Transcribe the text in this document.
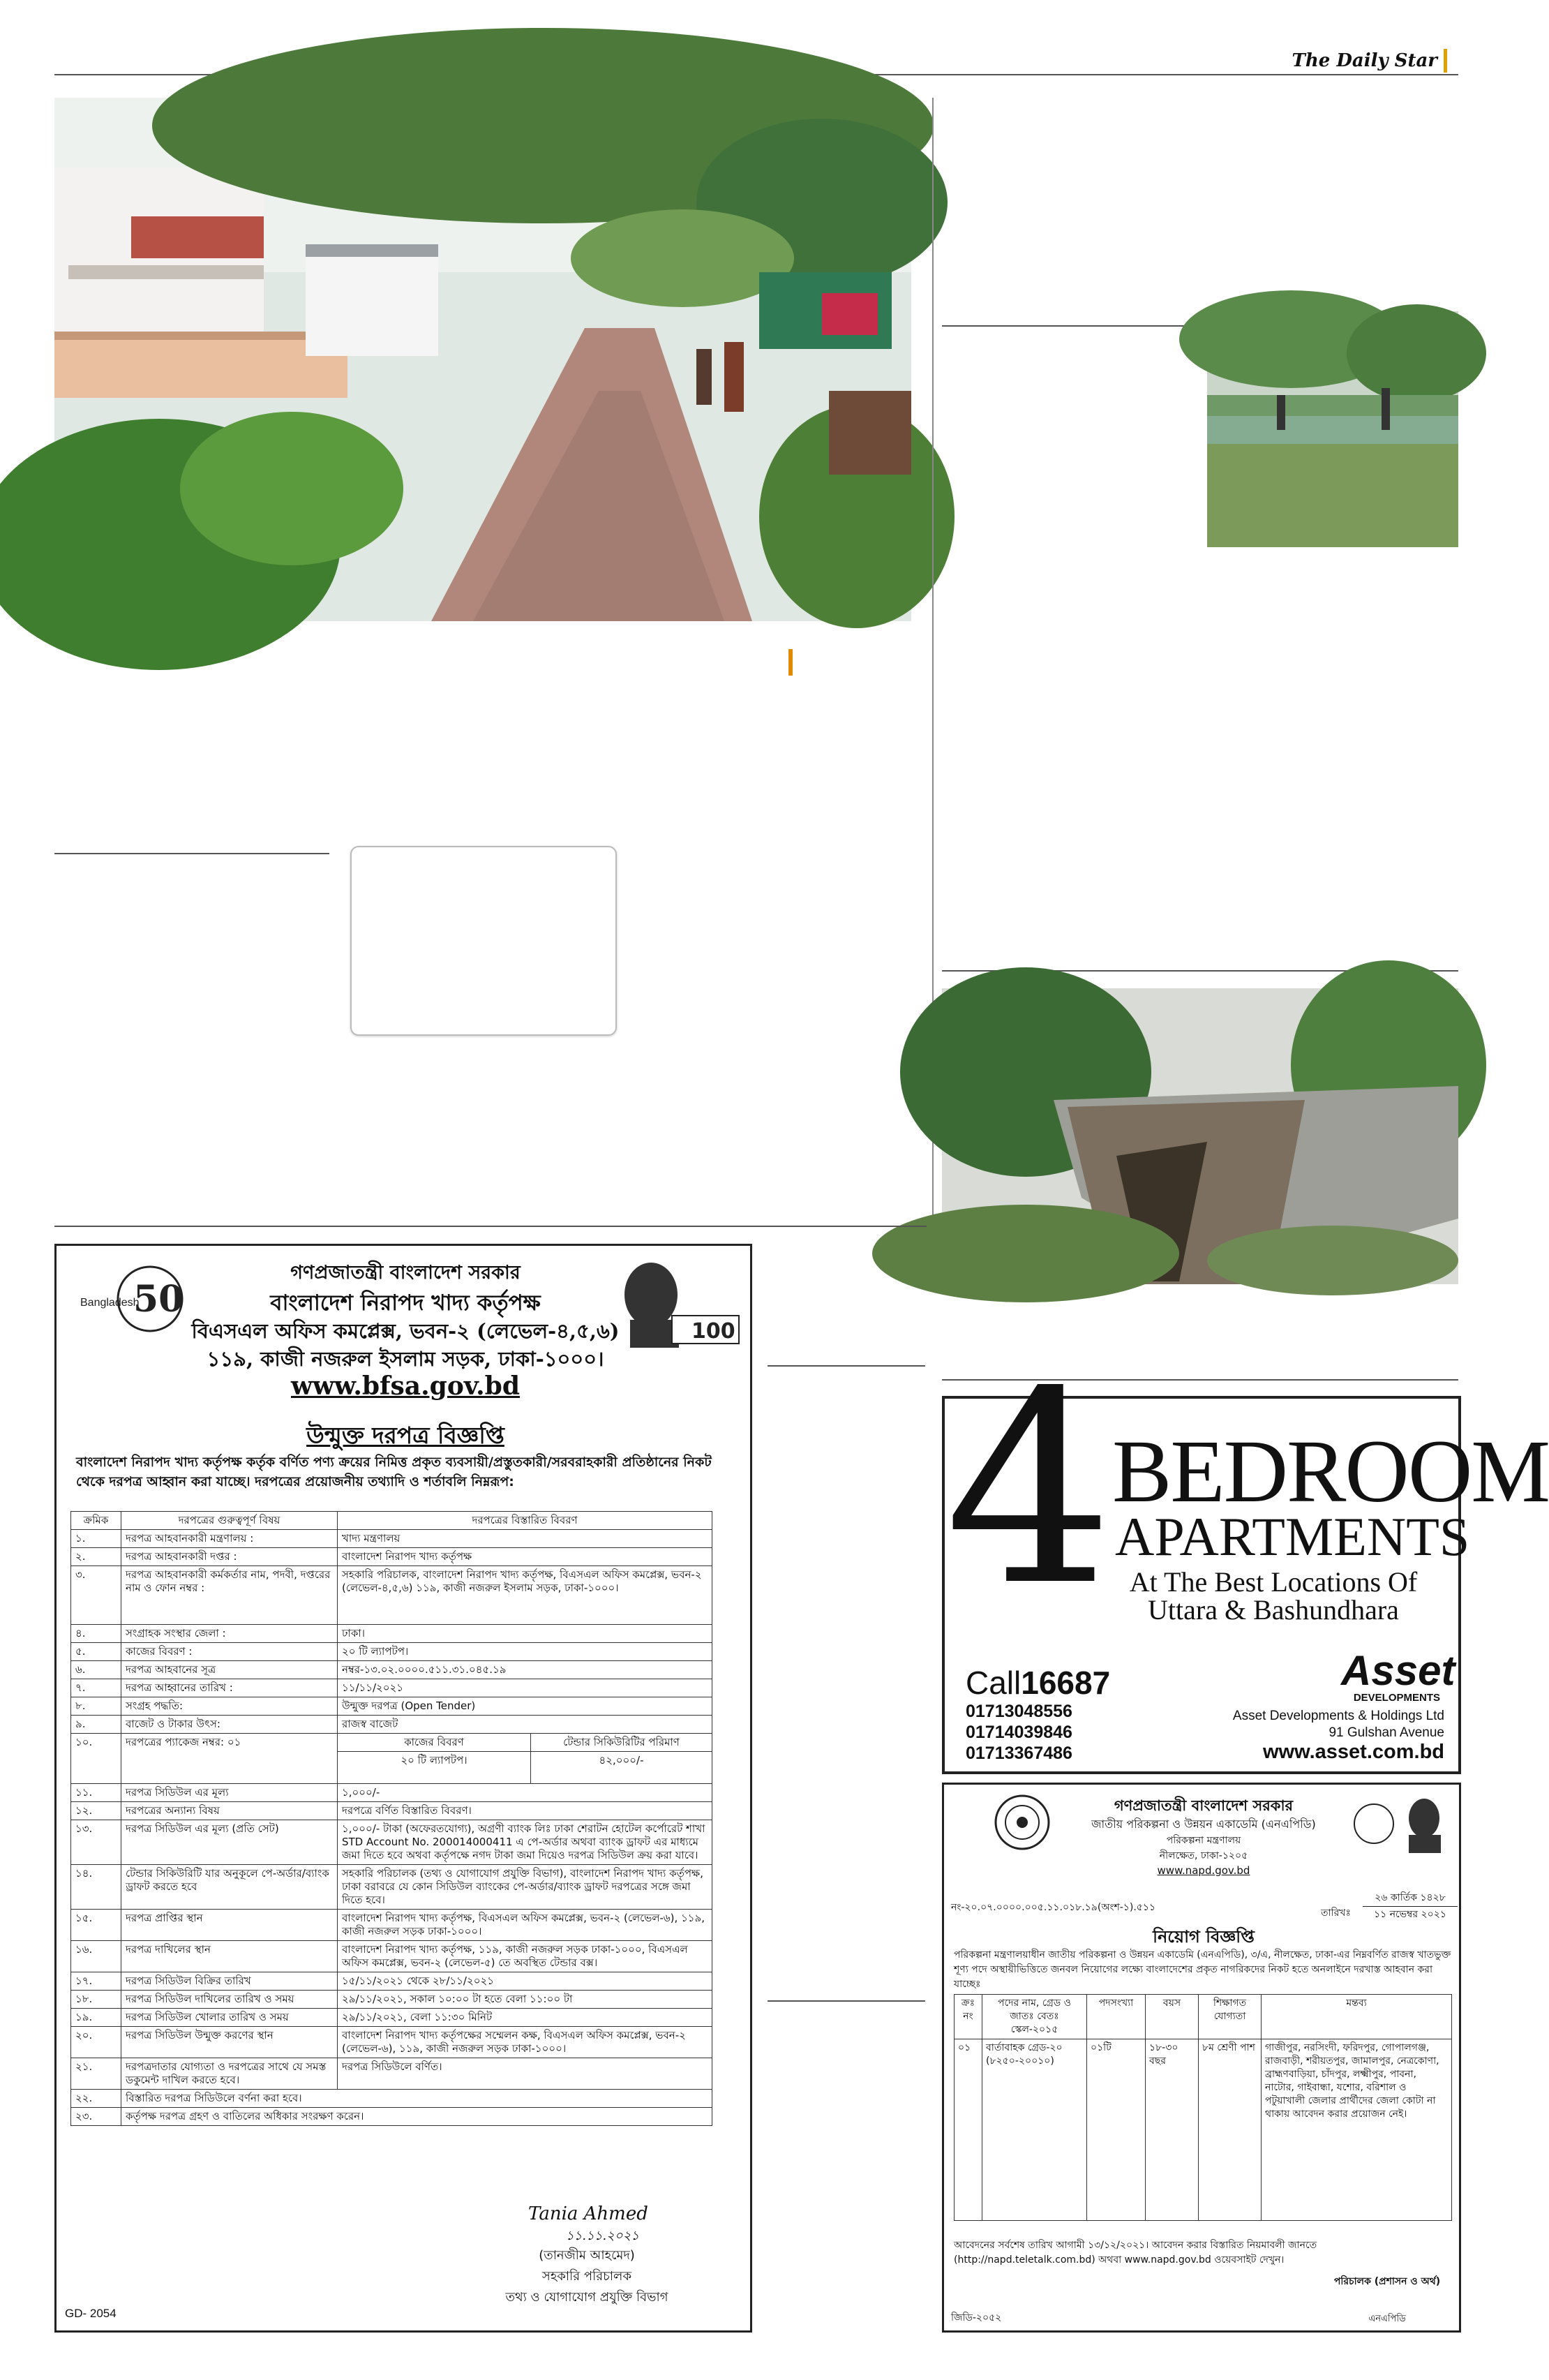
The Daily Star
50
Bangladesh
100
গণপ্রজাতন্ত্রী বাংলাদেশ সরকার
বাংলাদেশ নিরাপদ খাদ্য কর্তৃপক্ষ
বিএসএল অফিস কমপ্লেক্স, ভবন-২ (লেভেল-৪,৫,৬)
১১৯, কাজী নজরুল ইসলাম সড়ক, ঢাকা-১০০০।
www.bfsa.gov.bd
উন্মুক্ত দরপত্র বিজ্ঞপ্তি
বাংলাদেশ নিরাপদ খাদ্য কর্তৃপক্ষ কর্তৃক বর্ণিত পণ্য ক্রয়ের নিমিত্ত প্রকৃত ব্যবসায়ী/প্রস্তুতকারী/সরবরাহকারী প্রতিষ্ঠানের নিকট থেকে দরপত্র আহ্বান করা যাচ্ছে। দরপত্রের প্রয়োজনীয় তথ্যাদি ও শর্তাবলি নিম্নরূপ:
ক্রমিক	দরপত্রের গুরুত্বপূর্ণ বিষয়	দরপত্রের বিস্তারিত বিবরণ	
১.	দরপত্র আহবানকারী মন্ত্রণালয় :	খাদ্য মন্ত্রণালয়	
২.	দরপত্র আহবানকারী দপ্তর :	বাংলাদেশ নিরাপদ খাদ্য কর্তৃপক্ষ	
৩.	দরপত্র আহবানকারী কর্মকর্তার নাম, পদবী, দপ্তরের নাম ও ফোন নম্বর :	সহকারি পরিচালক, বাংলাদেশ নিরাপদ খাদ্য কর্তৃপক্ষ, বিএসএল অফিস কমপ্লেক্স, ভবন-২ (লেভেল-৪,৫,৬) ১১৯, কাজী নজরুল ইসলাম সড়ক, ঢাকা-১০০০।	
৪.	সংগ্রাহক সংস্থার জেলা :	ঢাকা।	
৫.	কাজের বিবরণ :	২০ টি ল্যাপটপ।	
৬.	দরপত্র আহবানের সূত্র	নম্বর-১৩.০২.০০০০.৫১১.৩১.০৪৫.১৯	
৭.	দরপত্র আহ্বানের তারিখ :	১১/১১/২০২১	
৮.	সংগ্রহ পদ্ধতি:	উন্মুক্ত দরপত্র (Open Tender)	
৯.	বাজেট ও টাকার উৎস:	রাজস্ব বাজেট	
১০.	দরপত্রের প্যাকেজ নম্বর: ০১	কাজের বিবরণ	টেন্ডার সিকিউরিটির পরিমাণ
		২০ টি ল্যাপটপ।	৪২,০০০/-
১১.	দরপত্র সিডিউল এর মূল্য	১,০০০/-	
১২.	দরপত্রের অন্যান্য বিষয়	দরপত্রে বর্ণিত বিস্তারিত বিবরণ।	
১৩.	দরপত্র সিডিউল এর মূল্য (প্রতি সেট)	১,০০০/- টাকা (অফেরতযোগ্য), অগ্রণী ব্যাংক লিঃ ঢাকা শেরাটন হোটেল কর্পোরেট শাখা STD Account No. 200014000411 এ পে-অর্ডার অথবা ব্যাংক ড্রাফট এর মাধ্যমে জমা দিতে হবে অথবা কর্তৃপক্ষে নগদ টাকা জমা দিয়েও দরপত্র সিডিউল ক্রয় করা যাবে।	
১৪.	টেন্ডার সিকিউরিটি যার অনুকূলে পে-অর্ডার/ব্যাংক ড্রাফট করতে হবে	সহকারি পরিচালক (তথ্য ও যোগাযোগ প্রযুক্তি বিভাগ), বাংলাদেশ নিরাপদ খাদ্য কর্তৃপক্ষ, ঢাকা বরাবরে যে কোন সিডিউল ব্যাংকের পে-অর্ডার/ব্যাংক ড্রাফট দরপত্রের সঙ্গে জমা দিতে হবে।	
১৫.	দরপত্র প্রাপ্তির স্থান	বাংলাদেশ নিরাপদ খাদ্য কর্তৃপক্ষ, বিএসএল অফিস কমপ্লেক্স, ভবন-২ (লেভেল-৬), ১১৯, কাজী নজরুল সড়ক ঢাকা-১০০০।	
১৬.	দরপত্র দাখিলের স্থান	বাংলাদেশ নিরাপদ খাদ্য কর্তৃপক্ষ, ১১৯, কাজী নজরুল সড়ক ঢাকা-১০০০, বিএসএল অফিস কমপ্লেক্স, ভবন-২ (লেভেল-৫) তে অবস্থিত টেন্ডার বক্স।	
১৭.	দরপত্র সিডিউল বিক্রির তারিখ	১৫/১১/২০২১ থেকে ২৮/১১/২০২১	
১৮.	দরপত্র সিডিউল দাখিলের তারিখ ও সময়	২৯/১১/২০২১, সকাল ১০:০০ টা হতে বেলা ১১:০০ টা	
১৯.	দরপত্র সিডিউল খোলার তারিখ ও সময়	২৯/১১/২০২১, বেলা ১১:৩০ মিনিট	
২০.	দরপত্র সিডিউল উন্মুক্ত করণের স্থান	বাংলাদেশ নিরাপদ খাদ্য কর্তৃপক্ষের সম্মেলন কক্ষ, বিএসএল অফিস কমপ্লেক্স, ভবন-২ (লেভেল-৬), ১১৯, কাজী নজরুল সড়ক ঢাকা-১০০০।	
২১.	দরপত্রদাতার যোগ্যতা ও দরপত্রের সাথে যে সমস্ত ডকুমেন্ট দাখিল করতে হবে।	দরপত্র সিডিউলে বর্ণিত।	
২২.	বিস্তারিত দরপত্র সিডিউলে বর্ণনা করা হবে।		
২৩.	কর্তৃপক্ষ দরপত্র গ্রহণ ও বাতিলের অধিকার সংরক্ষণ করেন।		
Tania Ahmed
১১.১১.২০২১
(তানজীম আহমেদ)
সহকারি পরিচালক
তথ্য ও যোগাযোগ প্রযুক্তি বিভাগ
GD- 2054
4
BEDROOM
APARTMENTS
At The Best Locations Of
Uttara & Bashundhara
Call16687
01713048556
01714039846
01713367486
Asset
DEVELOPMENTS
Asset Developments & Holdings Ltd
91 Gulshan Avenue
www.asset.com.bd
গণপ্রজাতন্ত্রী বাংলাদেশ সরকার
জাতীয় পরিকল্পনা ও উন্নয়ন একাডেমি (এনএপিডি)
পরিকল্পনা মন্ত্রণালয়
নীলক্ষেত, ঢাকা-১২০৫
www.napd.gov.bd
নং-২০.০৭.০০০০.০০৫.১১.০১৮.১৯(অংশ-১).৫১১	তারিখঃ
২৬ কার্তিক ১৪২৮
১১ নভেম্বর ২০২১
নিয়োগ বিজ্ঞপ্তি
পরিকল্পনা মন্ত্রণালয়াধীন জাতীয় পরিকল্পনা ও উন্নয়ন একাডেমি (এনএপিডি), ৩/এ, নীলক্ষেত, ঢাকা-এর নিম্নবর্ণিত রাজস্ব খাতভুক্ত শূণ্য পদে অস্থায়ীভিত্তিতে জনবল নিয়োগের লক্ষ্যে বাংলাদেশের প্রকৃত নাগরিকদের নিকট হতে অনলাইনে দরখাস্ত আহবান করা যাচ্ছেঃ
ক্রঃ নং	পদের নাম, গ্রেড ও জাতঃ বেতঃ স্কেল-২০১৫	পদসংখ্যা	বয়স	শিক্ষাগত যোগ্যতা	মন্তব্য
০১	বার্তাবাহক গ্রেড-২০ (৮২৫০-২০০১০)	০১টি	১৮-৩০ বছর	৮ম শ্রেণী পাশ	গাজীপুর, নরসিংদী, ফরিদপুর, গোপালগঞ্জ, রাজবাড়ী, শরীয়তপুর, জামালপুর, নেত্রকোণা, ব্রাহ্মণবাড়িয়া, চাঁদপুর, লক্ষ্মীপুর, পাবনা, নাটোর, গাইবান্ধা, যশোর, বরিশাল ও পটুয়াখালী জেলার প্রার্থীদের জেলা কোটা না থাকায় আবেদন করার প্রয়োজন নেই।
আবেদনের সর্বশেষ তারিখ আগামী ১৩/১২/২০২১। আবেদন করার বিস্তারিত নিয়মাবলী জানতে (http://napd.teletalk.com.bd) অথবা www.napd.gov.bd ওয়েবসাইট দেখুন।
পরিচালক (প্রশাসন ও অর্থ)
এনএপিডি
জিডি-২০৫২
